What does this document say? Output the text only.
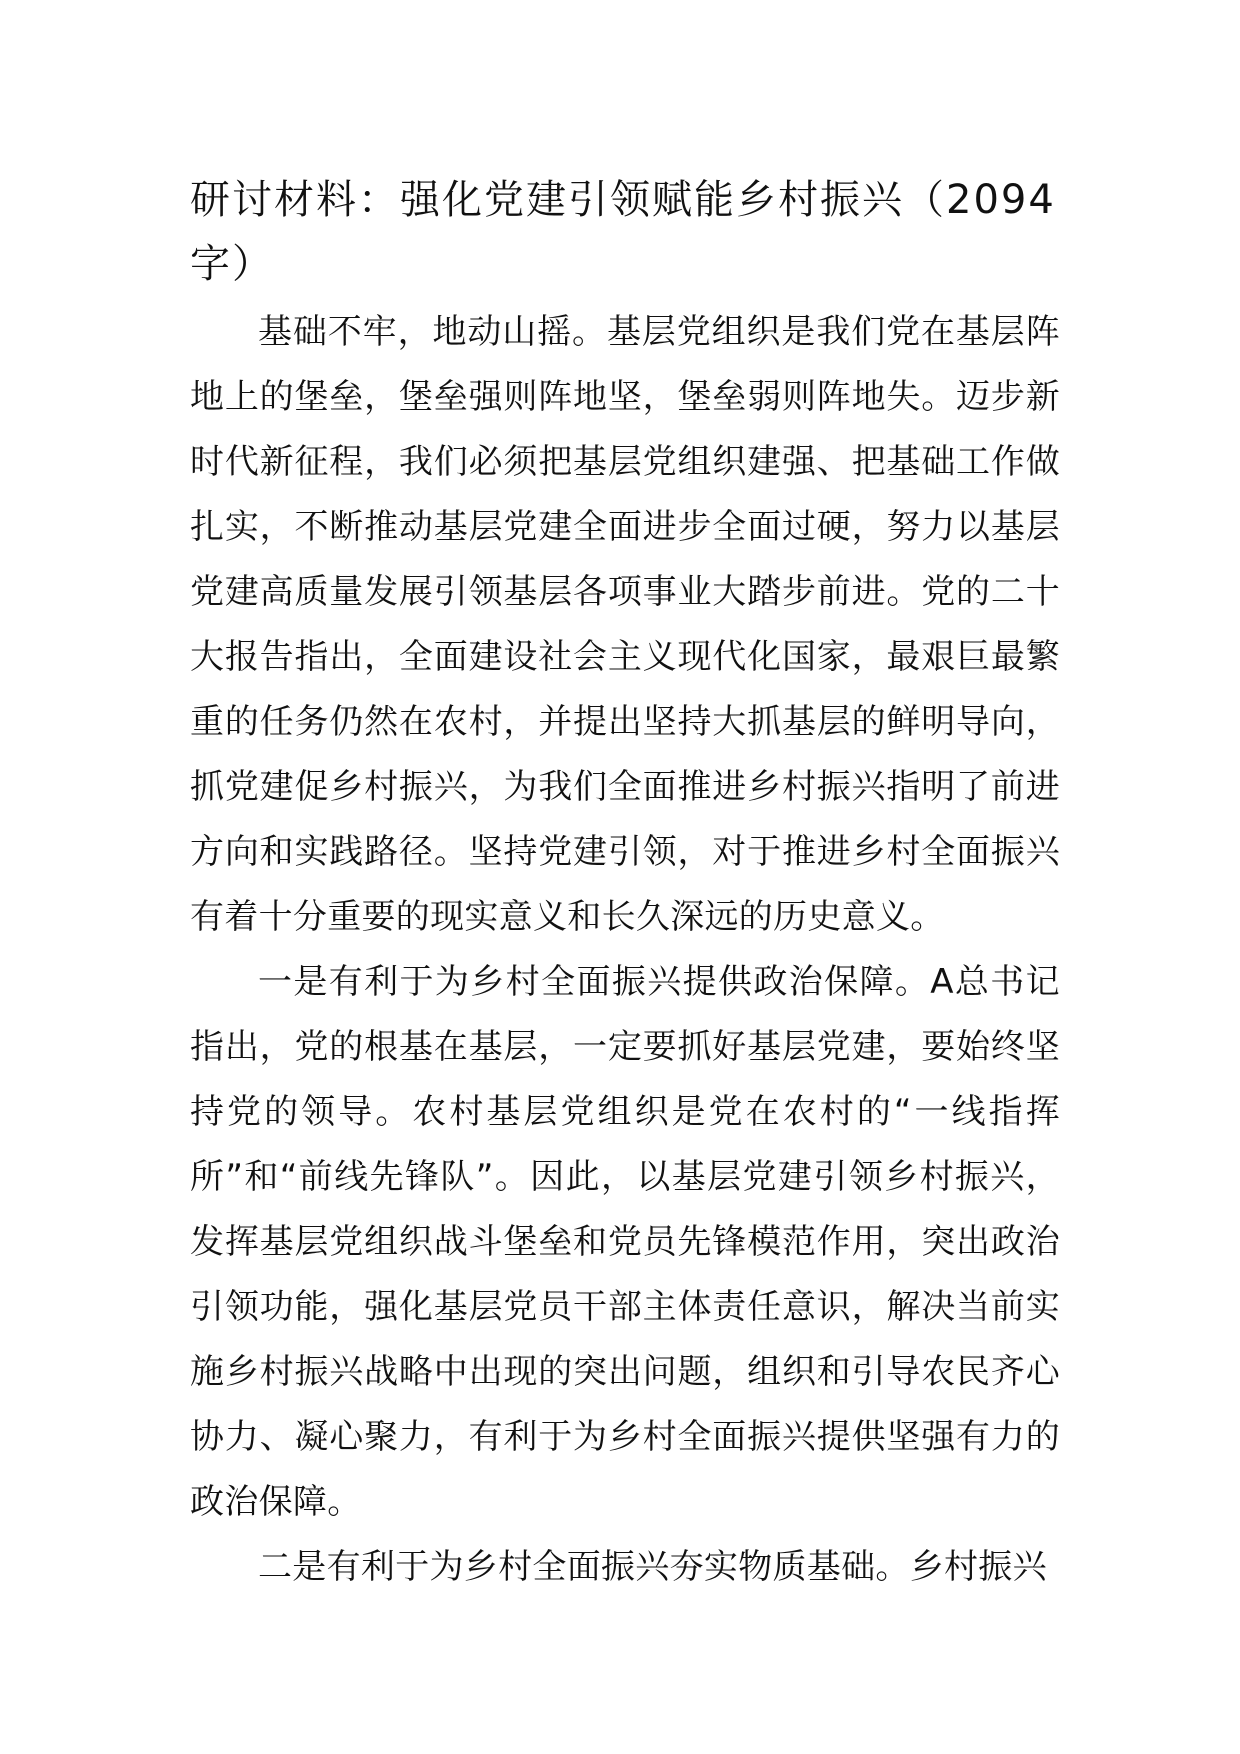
研讨材料：强化党建引领赋能乡村振兴（2094字）

基础不牢，地动山摇。基层党组织是我们党在基层阵地上的堡垒，堡垒强则阵地坚，堡垒弱则阵地失。迈步新时代新征程，我们必须把基层党组织建强、把基础工作做扎实，不断推动基层党建全面进步全面过硬，努力以基层党建高质量发展引领基层各项事业大踏步前进。党的二十大报告指出，全面建设社会主义现代化国家，最艰巨最繁重的任务仍然在农村，并提出坚持大抓基层的鲜明导向，抓党建促乡村振兴，为我们全面推进乡村振兴指明了前进方向和实践路径。坚持党建引领，对于推进乡村全面振兴有着十分重要的现实意义和长久深远的历史意义。

一是有利于为乡村全面振兴提供政治保障。A总书记指出，党的根基在基层，一定要抓好基层党建，要始终坚持党的领导。农村基层党组织是党在农村的“一线指挥所”和“前线先锋队”。因此，以基层党建引领乡村振兴，发挥基层党组织战斗堡垒和党员先锋模范作用，突出政治引领功能，强化基层党员干部主体责任意识，解决当前实施乡村振兴战略中出现的突出问题，组织和引导农民齐心协力、凝心聚力，有利于为乡村全面振兴提供坚强有力的政治保障。

二是有利于为乡村全面振兴夯实物质基础。乡村振兴
